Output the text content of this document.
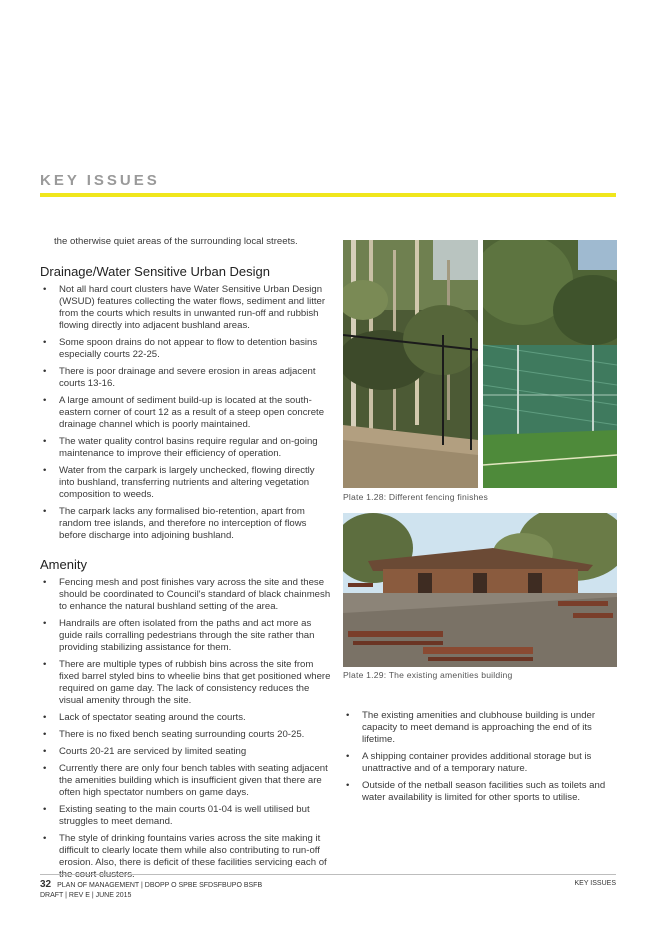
KEY ISSUES

the otherwise quiet areas of the surrounding local streets.

Drainage/Water Sensitive Urban Design
• Not all hard court clusters have Water Sensitive Urban Design (WSUD) features collecting the water flows, sediment and litter from the courts which results in unwanted run-off and rubbish flowing directly into adjacent bushland areas.
• Some spoon drains do not appear to flow to detention basins especially courts 22-25.
• There is poor drainage and severe erosion in areas adjacent courts 13-16.
• A large amount of sediment build-up is located at the south-eastern corner of court 12 as a result of a steep open concrete drainage channel which is poorly maintained.
• The water quality control basins require regular and on-going maintenance to improve their efficiency of operation.
• Water from the carpark is largely unchecked, flowing directly into bushland, transferring nutrients and altering vegetation composition to weeds.
• The carpark lacks any formalised bio-retention, apart from random tree islands, and therefore no interception of flows before discharge into adjoining bushland.
Amenity
• Fencing mesh and post finishes vary across the site and these should be coordinated to Council's standard of black chainmesh to enhance the natural bushland setting of the area.
• Handrails are often isolated from the paths and act more as guide rails corralling pedestrians through the site rather than providing stabilizing assistance for them.
• There are multiple types of rubbish bins across the site from fixed barrel styled bins to wheelie bins that get positioned where required on game day. The lack of consistency reduces the visual amenity through the site.
• Lack of spectator seating around the courts.
• There is no fixed bench seating surrounding courts 20-25.
• Courts 20-21 are serviced by limited seating
• Currently there are only four bench tables with seating adjacent the amenities building which is insufficient given that there are often high spectator numbers on game days.
• Existing seating to the main courts 01-04 is well utilised but struggles to meet demand.
• The style of drinking fountains varies across the site making it difficult to clearly locate them while also contributing to run-off erosion. Also, there is deficit of these facilities servicing each of
Plate 1.28: Different fencing finishes
Plate 1.29: The existing amenities building
• The existing amenities and clubhouse building is under capacity to meet demand is approaching the end of its lifetime.
• A shipping container provides additional storage but is unattractive and of a temporary nature.
• Outside of the netball season facilities such as toilets and water availability is limited for other sports to utilise.
32 PLAN OF MANAGEMENT | DBOPP O SPBE SFDSFBUPO BSFB
DRAFT | REV E | JUNE 2015
KEY ISSUES
